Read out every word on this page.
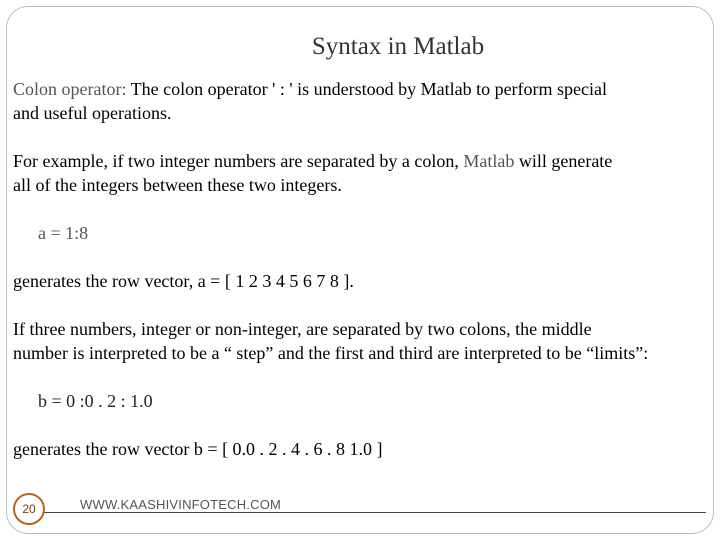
Syntax in Matlab
Colon operator: The colon operator ' : ' is understood by Matlab to perform special
and useful operations.
For example, if two integer numbers are separated by a colon, Matlab will generate
all of the integers between these two integers.
a = 1:8
generates the row vector, a = [ 1 2 3 4 5 6 7 8 ].
If three numbers, integer or non-integer, are separated by two colons, the middle
number is interpreted to be a “ step” and the first and third are interpreted to be “limits”:
b = 0 :0 . 2 : 1.0
generates the row vector b = [ 0.0 . 2 . 4 . 6 . 8 1.0 ]
20	WWW.KAASHIVINFOTECH.COM
